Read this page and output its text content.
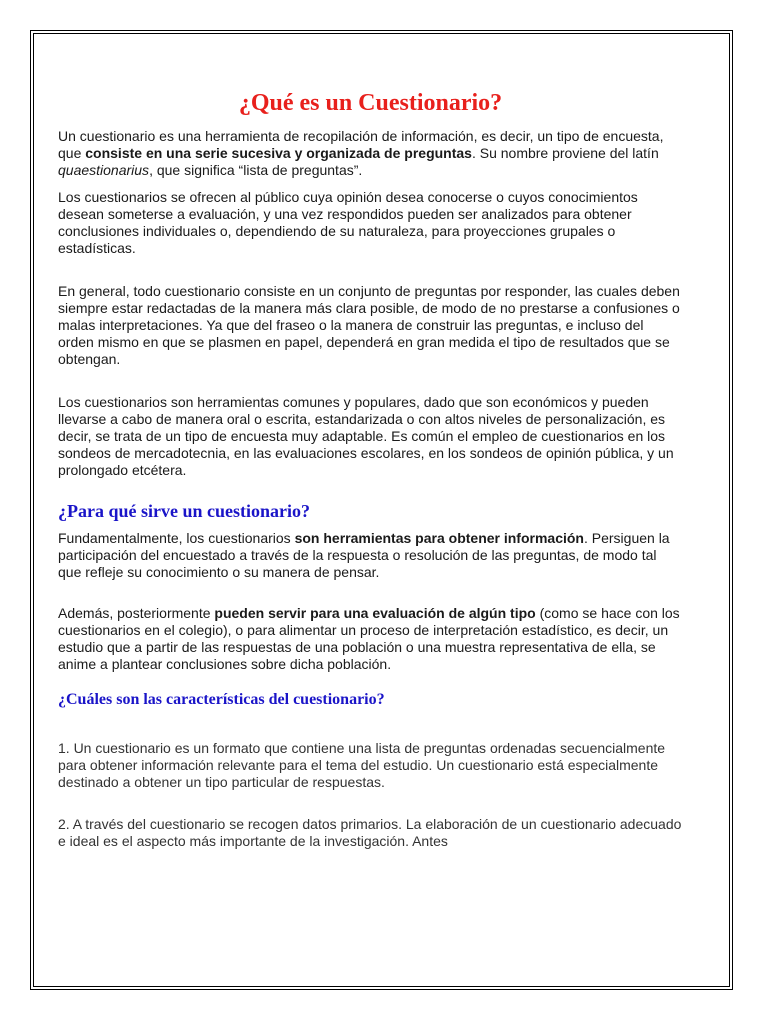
¿Qué es un Cuestionario?

Un cuestionario es una herramienta de recopilación de información, es decir, un tipo de encuesta, que consiste en una serie sucesiva y organizada de preguntas. Su nombre proviene del latín quaestionarius, que significa “lista de preguntas”.

Los cuestionarios se ofrecen al público cuya opinión desea conocerse o cuyos conocimientos desean someterse a evaluación, y una vez respondidos pueden ser analizados para obtener conclusiones individuales o, dependiendo de su naturaleza, para proyecciones grupales o estadísticas.

En general, todo cuestionario consiste en un conjunto de preguntas por responder, las cuales deben siempre estar redactadas de la manera más clara posible, de modo de no prestarse a confusiones o malas interpretaciones. Ya que del fraseo o la manera de construir las preguntas, e incluso del orden mismo en que se plasmen en papel, dependerá en gran medida el tipo de resultados que se obtengan.

Los cuestionarios son herramientas comunes y populares, dado que son económicos y pueden llevarse a cabo de manera oral o escrita, estandarizada o con altos niveles de personalización, es decir, se trata de un tipo de encuesta muy adaptable. Es común el empleo de cuestionarios en los sondeos de mercadotecnia, en las evaluaciones escolares, en los sondeos de opinión pública, y un prolongado etcétera.

¿Para qué sirve un cuestionario?

Fundamentalmente, los cuestionarios son herramientas para obtener información. Persiguen la participación del encuestado a través de la respuesta o resolución de las preguntas, de modo tal que refleje su conocimiento o su manera de pensar.

Además, posteriormente pueden servir para una evaluación de algún tipo (como se hace con los cuestionarios en el colegio), o para alimentar un proceso de interpretación estadístico, es decir, un estudio que a partir de las respuestas de una población o una muestra representativa de ella, se anime a plantear conclusiones sobre dicha población.

¿Cuáles son las características del cuestionario?

1. Un cuestionario es un formato que contiene una lista de preguntas ordenadas secuencialmente para obtener información relevante para el tema del estudio. Un cuestionario está especialmente destinado a obtener un tipo particular de respuestas.

2. A través del cuestionario se recogen datos primarios. La elaboración de un cuestionario adecuado e ideal es el aspecto más importante de la investigación. Antes
